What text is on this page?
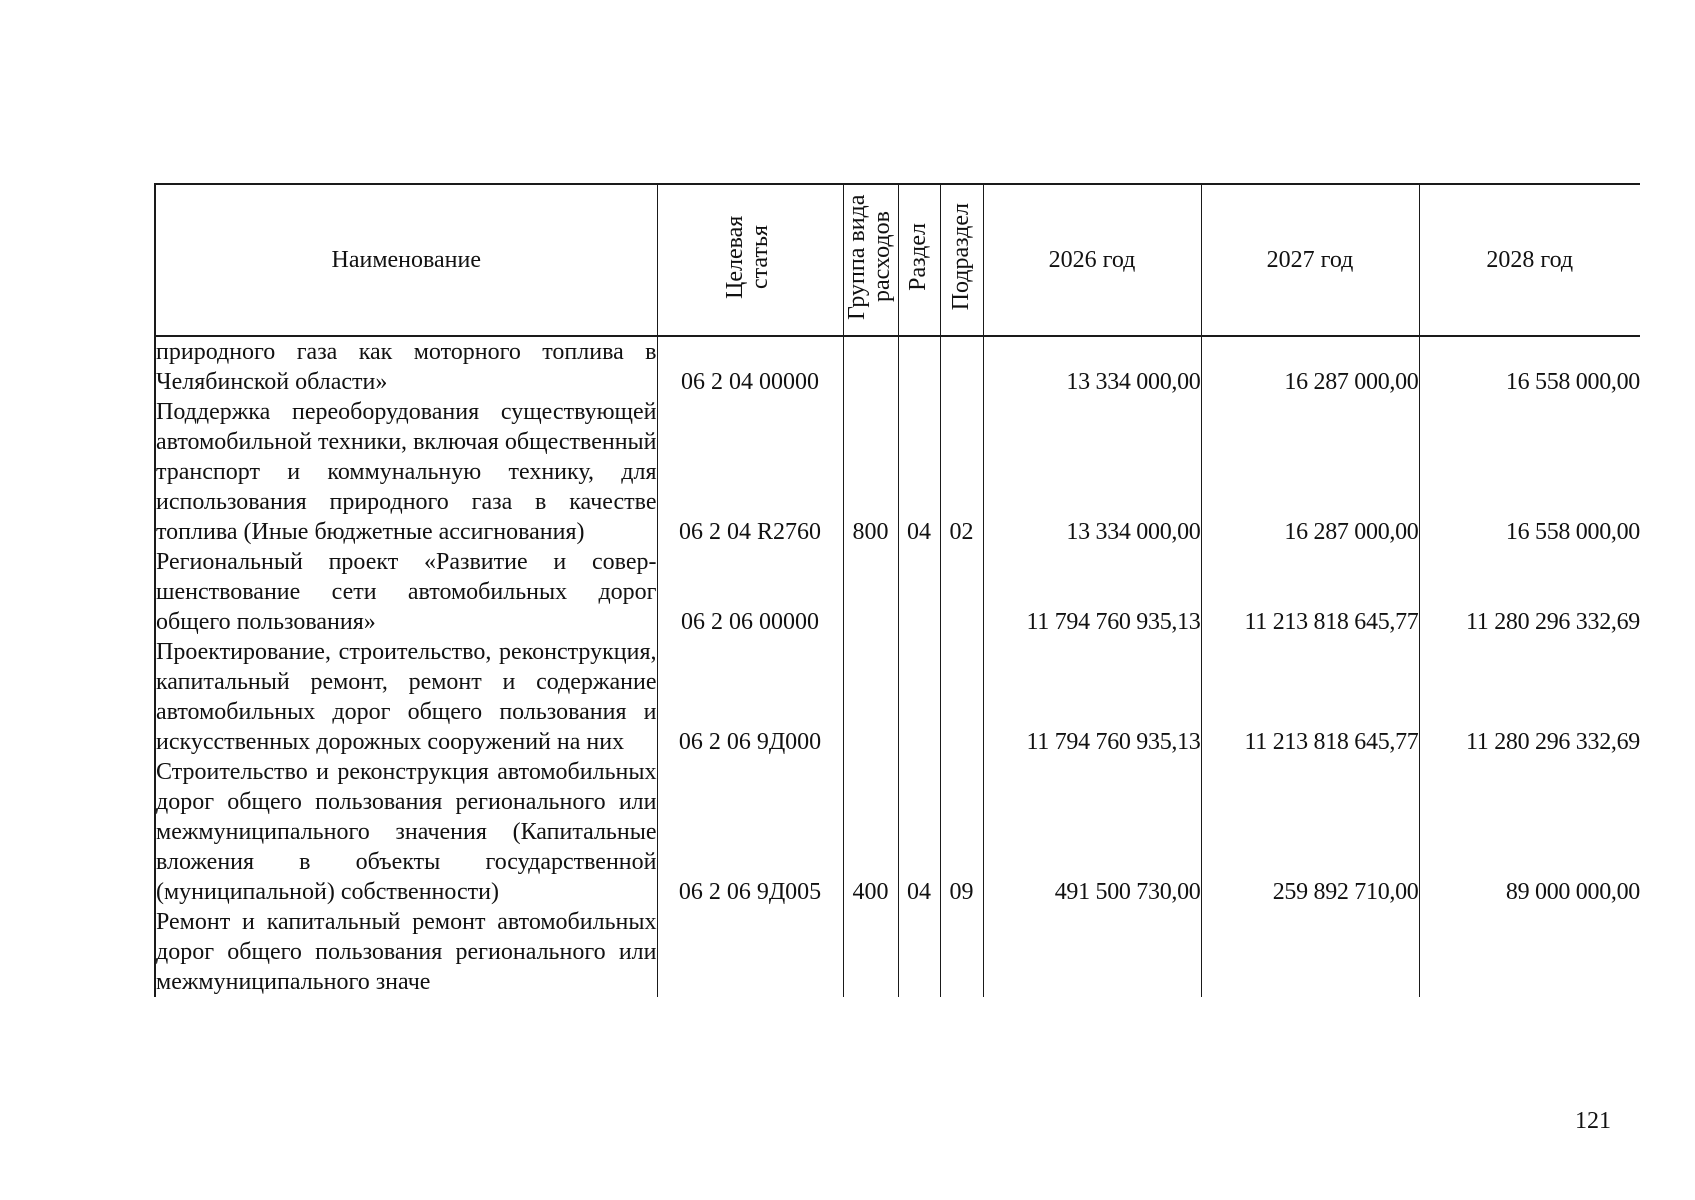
Наименование	Целевая статья	Группа вида расходов	Раздел	Подраздел	2026 год	2027 год	2028 год
природного газа как моторного топлива в Челябинской области»	06 2 04 00000				13 334 000,00	16 287 000,00	16 558 000,00
Поддержка переоборудования существующей автомобильной техники, включая общественный транспорт и коммунальную технику, для использования природного газа в качестве топлива (Иные бюджетные ассигнования)	06 2 04 R2760	800	04	02	13 334 000,00	16 287 000,00	16 558 000,00
Региональный проект «Развитие и совершенствование сети автомобильных дорог общего пользования»	06 2 06 00000				11 794 760 935,13	11 213 818 645,77	11 280 296 332,69
Проектирование, строительство, реконструкция, капитальный ремонт, ремонт и содержание автомобильных дорог общего пользования и искусственных дорожных сооружений на них	06 2 06 9Д000				11 794 760 935,13	11 213 818 645,77	11 280 296 332,69
Строительство и реконструкция автомобильных дорог общего пользования регионального или межмуниципального значения (Капитальные вложения в объекты государственной (муниципальной) собственности)	06 2 06 9Д005	400	04	09	491 500 730,00	259 892 710,00	89 000 000,00
Ремонт и капитальный ремонт автомобильных дорог общего пользования регионального или межмуниципального значе							
121
